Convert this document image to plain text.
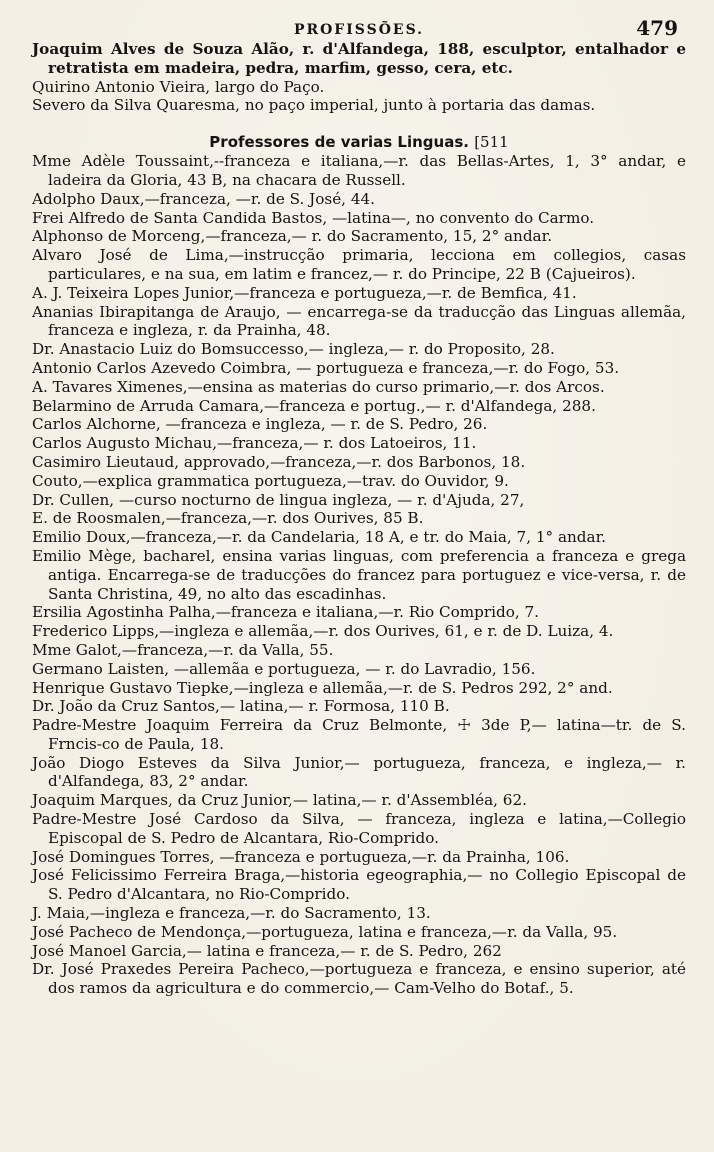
PROFISSÕES.	479

Joaquim Alves de Souza Alão, r. d'Alfandega, 188, esculptor, entalhador e retratista em madeira, pedra, marfim, gesso, cera, etc.

Quirino Antonio Vieira, largo do Paço.

Severo da Silva Quaresma, no paço imperial, junto à portaria das damas.

Professores de varias Linguas. [511

Mme Adèle Toussaint,--franceza e italiana,—r. das Bellas-Artes, 1, 3° andar, e ladeira da Gloria, 43 B, na chacara de Russell.

Adolpho Daux,—franceza, —r. de S. José, 44.

Frei Alfredo de Santa Candida Bastos, —latina—, no convento do Carmo.

Alphonso de Morceng,—franceza,— r. do Sacramento, 15, 2° andar.

Alvaro José de Lima,—instrucção primaria, lecciona em collegios, casas particulares, e na sua, em latim e francez,— r. do Principe, 22 B (Cajueiros).

A. J. Teixeira Lopes Junior,—franceza e portugueza,—r. de Bemfica, 41.

Ananias Ibirapitanga de Araujo, — encarrega-se da traducção das Linguas allemãa, franceza e ingleza, r. da Prainha, 48.

Dr. Anastacio Luiz do Bomsuccesso,— ingleza,— r. do Proposito, 28.

Antonio Carlos Azevedo Coimbra, — portugueza e franceza,—r. do Fogo, 53.

A. Tavares Ximenes,—ensina as materias do curso primario,—r. dos Arcos.

Belarmino de Arruda Camara,—franceza e portug.,— r. d'Alfandega, 288.

Carlos Alchorne, —franceza e ingleza, — r. de S. Pedro, 26.

Carlos Augusto Michau,—franceza,— r. dos Latoeiros, 11.

Casimiro Lieutaud, approvado,—franceza,—r. dos Barbonos, 18.

Couto,—explica grammatica portugueza,—trav. do Ouvidor, 9.

Dr. Cullen, —curso nocturno de lingua ingleza, — r. d'Ajuda, 27,

E. de Roosmalen,—franceza,—r. dos Ourives, 85 B.

Emilio Doux,—franceza,—r. da Candelaria, 18 A, e tr. do Maia, 7, 1° andar.

Emilio Mège, bacharel, ensina varias linguas, com preferencia a franceza e grega antiga. Encarrega-se de traducções do francez para portuguez e vice-versa, r. de Santa Christina, 49, no alto das escadinhas.

Ersilia Agostinha Palha,—franceza e italiana,—r. Rio Comprido, 7.

Frederico Lipps,—ingleza e allemãa,—r. dos Ourives, 61, e r. de D. Luiza, 4.

Mme Galot,—franceza,—r. da Valla, 55.

Germano Laisten, —allemãa e portugueza, — r. do Lavradio, 156.

Henrique Gustavo Tiepke,—ingleza e allemãa,—r. de S. Pedros 292, 2° and.

Dr. João da Cruz Santos,— latina,— r. Formosa, 110 B.

Padre-Mestre Joaquim Ferreira da Cruz Belmonte, ☩ 3de P,— latina—tr. de S. Frncis-co de Paula, 18.

João Diogo Esteves da Silva Junior,— portugueza, franceza, e ingleza,— r. d'Alfandega, 83, 2° andar.

Joaquim Marques, da Cruz Junior,— latina,— r. d'Assembléa, 62.

Padre-Mestre José Cardoso da Silva, — franceza, ingleza e latina,—Collegio Episcopal de S. Pedro de Alcantara, Rio-Comprido.

José Domingues Torres, —franceza e portugueza,—r. da Prainha, 106.

José Felicissimo Ferreira Braga,—historia egeographia,— no Collegio Episcopal de S. Pedro d'Alcantara, no Rio-Comprido.

J. Maia,—ingleza e franceza,—r. do Sacramento, 13.

José Pacheco de Mendonça,—portugueza, latina e franceza,—r. da Valla, 95.

José Manoel Garcia,— latina e franceza,— r. de S. Pedro, 262

Dr. José Praxedes Pereira Pacheco,—portugueza e franceza, e ensino superior, até dos ramos da agricultura e do commercio,— Cam-Velho do Botaf., 5.
